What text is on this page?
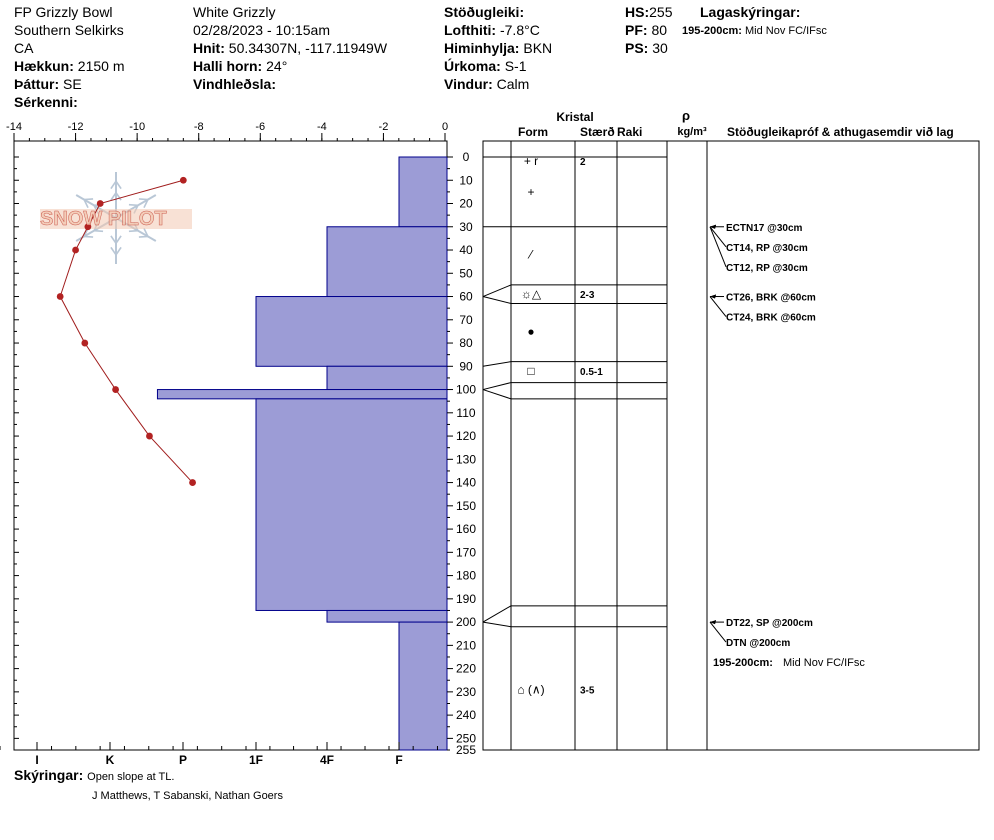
FP Grizzly Bowl
Southern Selkirks
CA
Hækkun: 2150 m
Þáttur: SE
Sérkenni:
White Grizzly
02/28/2023 - 10:15am
Hnit: 50.34307N, -117.11949W
Halli horn: 24°
Vindhleðsla:
Stöðugleiki:
Lofthiti: -7.8°C
Himinhylja: BKN
Úrkoma: S-1
Vindur: Calm
HS:255
PF: 80
PS: 30
Lagaskýringar:
195-200cm: Mid Nov FC/IFsc
-14	-12	-10	-8	-6	-4	-2	0
0
10
20
30
40
50
60
70
80
90
100
110
120
130
140
150
160
170
180
190
200
210
220
230
240
250
255
I	K	P	1F	4F	F
+ r	2
+
⁄
☼△	2-3
●
□	0.5-1
⌂ (∧)	3-5
ECTN17 @30cm
CT14, RP @30cm
CT12, RP @30cm
CT26, BRK @60cm
CT24, BRK @60cm
DT22, SP @200cm
DTN @200cm
195-200cm: Mid Nov FC/IFsc
Kristal
Form	Stærð Raki
ρ
kg/m³ Stöðugleikapróf & athugasemdir við lag
SNOW PILOT
Skýringar: Open slope at TL.
J Matthews, T Sabanski, Nathan Goers
